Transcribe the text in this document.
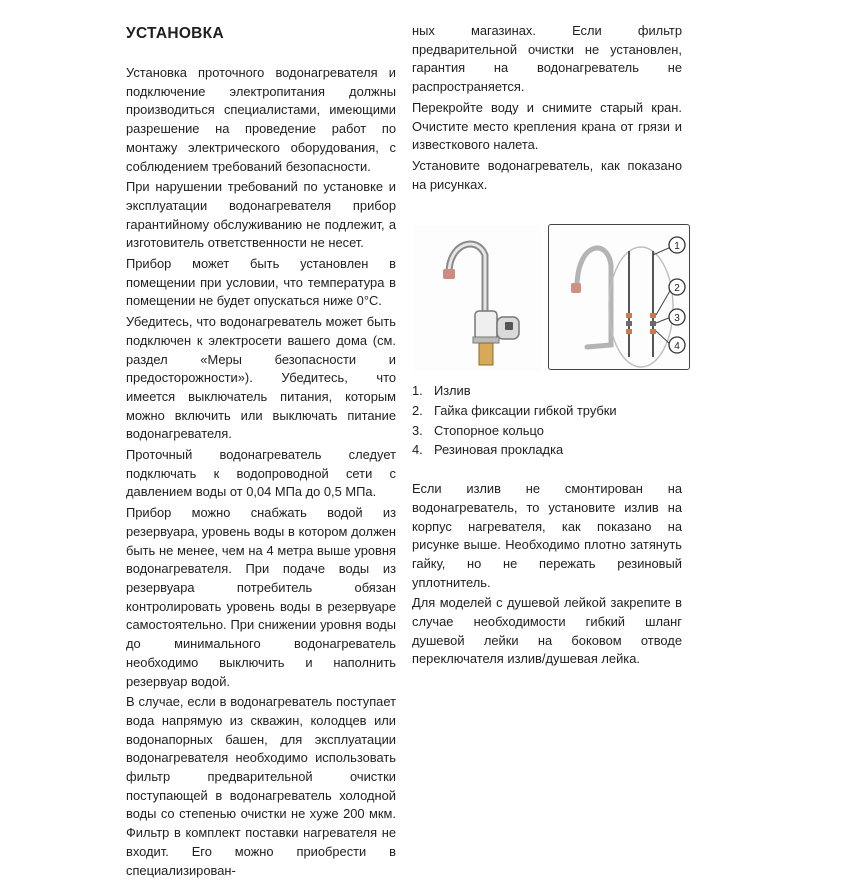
УСТАНОВКА

Установка проточного водонагревателя и подключение электропитания должны производиться специалистами, имеющими разрешение на проведение работ по монтажу электрического оборудования, с соблюдением требований безопасности.

При нарушении требований по установке и эксплуатации водонагревателя прибор гарантийному обслуживанию не подлежит, а изготовитель ответственности не несет.

Прибор может быть установлен в помещении при условии, что температура в помещении не будет опускаться ниже 0°С.

Убедитесь, что водонагреватель может быть подключен к электросети вашего дома (см. раздел «Меры безопасности и предосторожности»). Убедитесь, что имеется выключатель питания, которым можно включить или выключать питание водонагревателя.

Проточный водонагреватель следует подключать к водопроводной сети с давлением воды от 0,04 МПа до 0,5 МПа.

Прибор можно снабжать водой из резервуара, уровень воды в котором должен быть не менее, чем на 4 метра выше уровня водонагревателя. При подаче воды из резервуара потребитель обязан контролировать уровень воды в резервуаре самостоятельно. При снижении уровня воды до минимального водонагреватель необходимо выключить и наполнить резервуар водой.

В случае, если в водонагреватель поступает вода напрямую из скважин, колодцев или водонапорных башен, для эксплуатации водонагревателя необходимо использовать фильтр предварительной очистки поступающей в водонагреватель холодной воды со степенью очистки не хуже 200 мкм. Фильтр в комплект поставки нагревателя не входит. Его можно приобрести в специализирован-

ных магазинах. Если фильтр предварительной очистки не установлен, гарантия на водонагреватель не распространяется.

Перекройте воду и снимите старый кран. Очистите место крепления крана от грязи и известкового налета.

Установите водонагреватель, как показано на рисунках.

1
2
3
4
1. Излив
2. Гайка фиксации гибкой трубки
3. Стопорное кольцо
4. Резиновая прокладка

Если излив не смонтирован на водонагреватель, то установите излив на корпус нагревателя, как показано на рисунке выше. Необходимо плотно затянуть гайку, но не пережать резиновый уплотнитель.

Для моделей с душевой лейкой закрепите в случае необходимости гибкий шланг душевой лейки на боковом отводе переключателя излив/душевая лейка.
